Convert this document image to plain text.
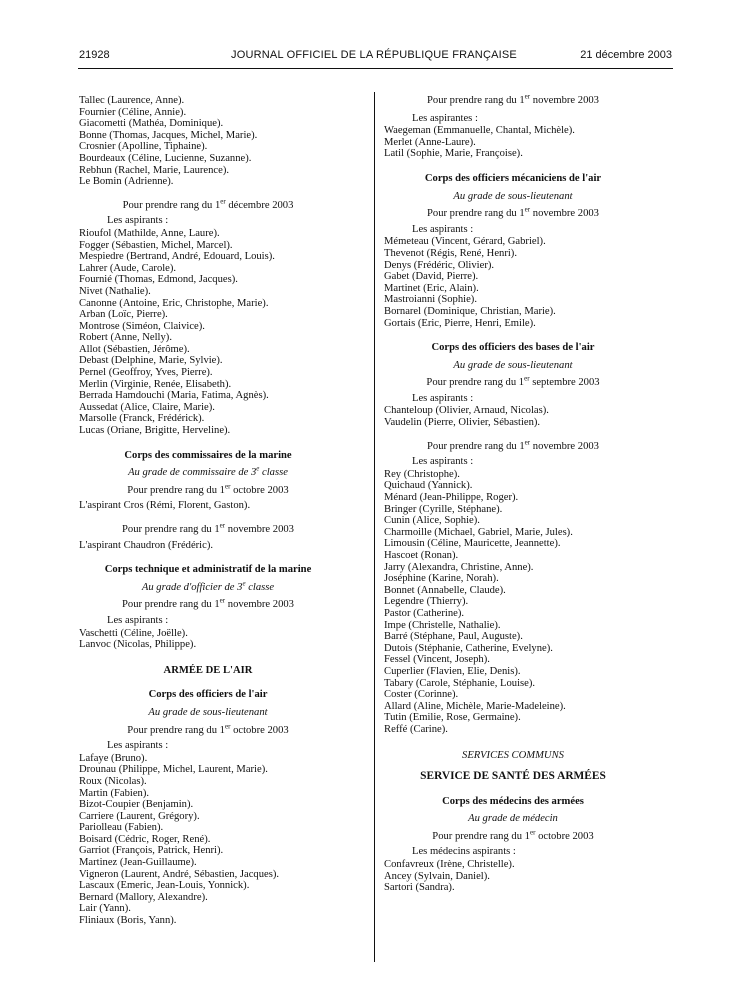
21928	JOURNAL OFFICIEL DE LA RÉPUBLIQUE FRANÇAISE	21 décembre 2003

Tallec (Laurence, Anne).

Fournier (Céline, Annie).

Giacometti (Mathéa, Dominique).

Bonne (Thomas, Jacques, Michel, Marie).

Crosnier (Apolline, Tiphaine).

Bourdeaux (Céline, Lucienne, Suzanne).

Rebhun (Rachel, Marie, Laurence).

Le Bomin (Adrienne).

Pour prendre rang du 1er décembre 2003

Les aspirants :

Rioufol (Mathilde, Anne, Laure).

Fogger (Sébastien, Michel, Marcel).

Mespiedre (Bertrand, André, Edouard, Louis).

Lahrer (Aude, Carole).

Fournié (Thomas, Edmond, Jacques).

Nivet (Nathalie).

Canonne (Antoine, Eric, Christophe, Marie).

Arban (Loïc, Pierre).

Montrose (Siméon, Claivice).

Robert (Anne, Nelly).

Allot (Sébastien, Jérôme).

Debast (Delphine, Marie, Sylvie).

Pernel (Geoffroy, Yves, Pierre).

Merlin (Virginie, Renée, Elisabeth).

Berrada Hamdouchi (Maria, Fatima, Agnès).

Aussedat (Alice, Claire, Marie).

Marsolle (Franck, Frédérick).

Lucas (Oriane, Brigitte, Herveline).

Corps des commissaires de la marine

Au grade de commissaire de 3e classe

Pour prendre rang du 1er octobre 2003

L'aspirant Cros (Rémi, Florent, Gaston).

Pour prendre rang du 1er novembre 2003

L'aspirant Chaudron (Frédéric).

Corps technique et administratif de la marine

Au grade d'officier de 3e classe

Pour prendre rang du 1er novembre 2003

Les aspirants :

Vaschetti (Céline, Joëlle).

Lanvoc (Nicolas, Philippe).

ARMÉE DE L'AIR

Corps des officiers de l'air

Au grade de sous-lieutenant

Pour prendre rang du 1er octobre 2003

Les aspirants :

Lafaye (Bruno).

Drounau (Philippe, Michel, Laurent, Marie).

Roux (Nicolas).

Martin (Fabien).

Bizot-Coupier (Benjamin).

Carriere (Laurent, Grégory).

Pariolleau (Fabien).

Boisard (Cédric, Roger, René).

Garriot (François, Patrick, Henri).

Martinez (Jean-Guillaume).

Vigneron (Laurent, André, Sébastien, Jacques).

Lascaux (Emeric, Jean-Louis, Yonnick).

Bernard (Mallory, Alexandre).

Lair (Yann).

Fliniaux (Boris, Yann).

Pour prendre rang du 1er novembre 2003

Les aspirantes :

Waegeman (Emmanuelle, Chantal, Michèle).

Merlet (Anne-Laure).

Latil (Sophie, Marie, Françoise).

Corps des officiers mécaniciens de l'air

Au grade de sous-lieutenant

Pour prendre rang du 1er novembre 2003

Les aspirants :

Mémeteau (Vincent, Gérard, Gabriel).

Thevenot (Régis, René, Henri).

Denys (Frédéric, Olivier).

Gabet (David, Pierre).

Martinet (Eric, Alain).

Mastroianni (Sophie).

Bornarel (Dominique, Christian, Marie).

Gortais (Eric, Pierre, Henri, Emile).

Corps des officiers des bases de l'air

Au grade de sous-lieutenant

Pour prendre rang du 1er septembre 2003

Les aspirants :

Chanteloup (Olivier, Arnaud, Nicolas).

Vaudelin (Pierre, Olivier, Sébastien).

Pour prendre rang du 1er novembre 2003

Les aspirants :

Rey (Christophe).

Quichaud (Yannick).

Ménard (Jean-Philippe, Roger).

Bringer (Cyrille, Stéphane).

Cunin (Alice, Sophie).

Charmoille (Michael, Gabriel, Marie, Jules).

Limousin (Céline, Mauricette, Jeannette).

Hascoet (Ronan).

Jarry (Alexandra, Christine, Anne).

Joséphine (Karine, Norah).

Bonnet (Annabelle, Claude).

Legendre (Thierry).

Pastor (Catherine).

Impe (Christelle, Nathalie).

Barré (Stéphane, Paul, Auguste).

Dutois (Stéphanie, Catherine, Evelyne).

Fessel (Vincent, Joseph).

Cuperlier (Flavien, Elie, Denis).

Tabary (Carole, Stéphanie, Louise).

Coster (Corinne).

Allard (Aline, Michèle, Marie-Madeleine).

Tutin (Emilie, Rose, Germaine).

Reffé (Carine).

SERVICES COMMUNS

SERVICE DE SANTÉ DES ARMÉES

Corps des médecins des armées

Au grade de médecin

Pour prendre rang du 1er octobre 2003

Les médecins aspirants :

Confavreux (Irène, Christelle).

Ancey (Sylvain, Daniel).

Sartori (Sandra).
